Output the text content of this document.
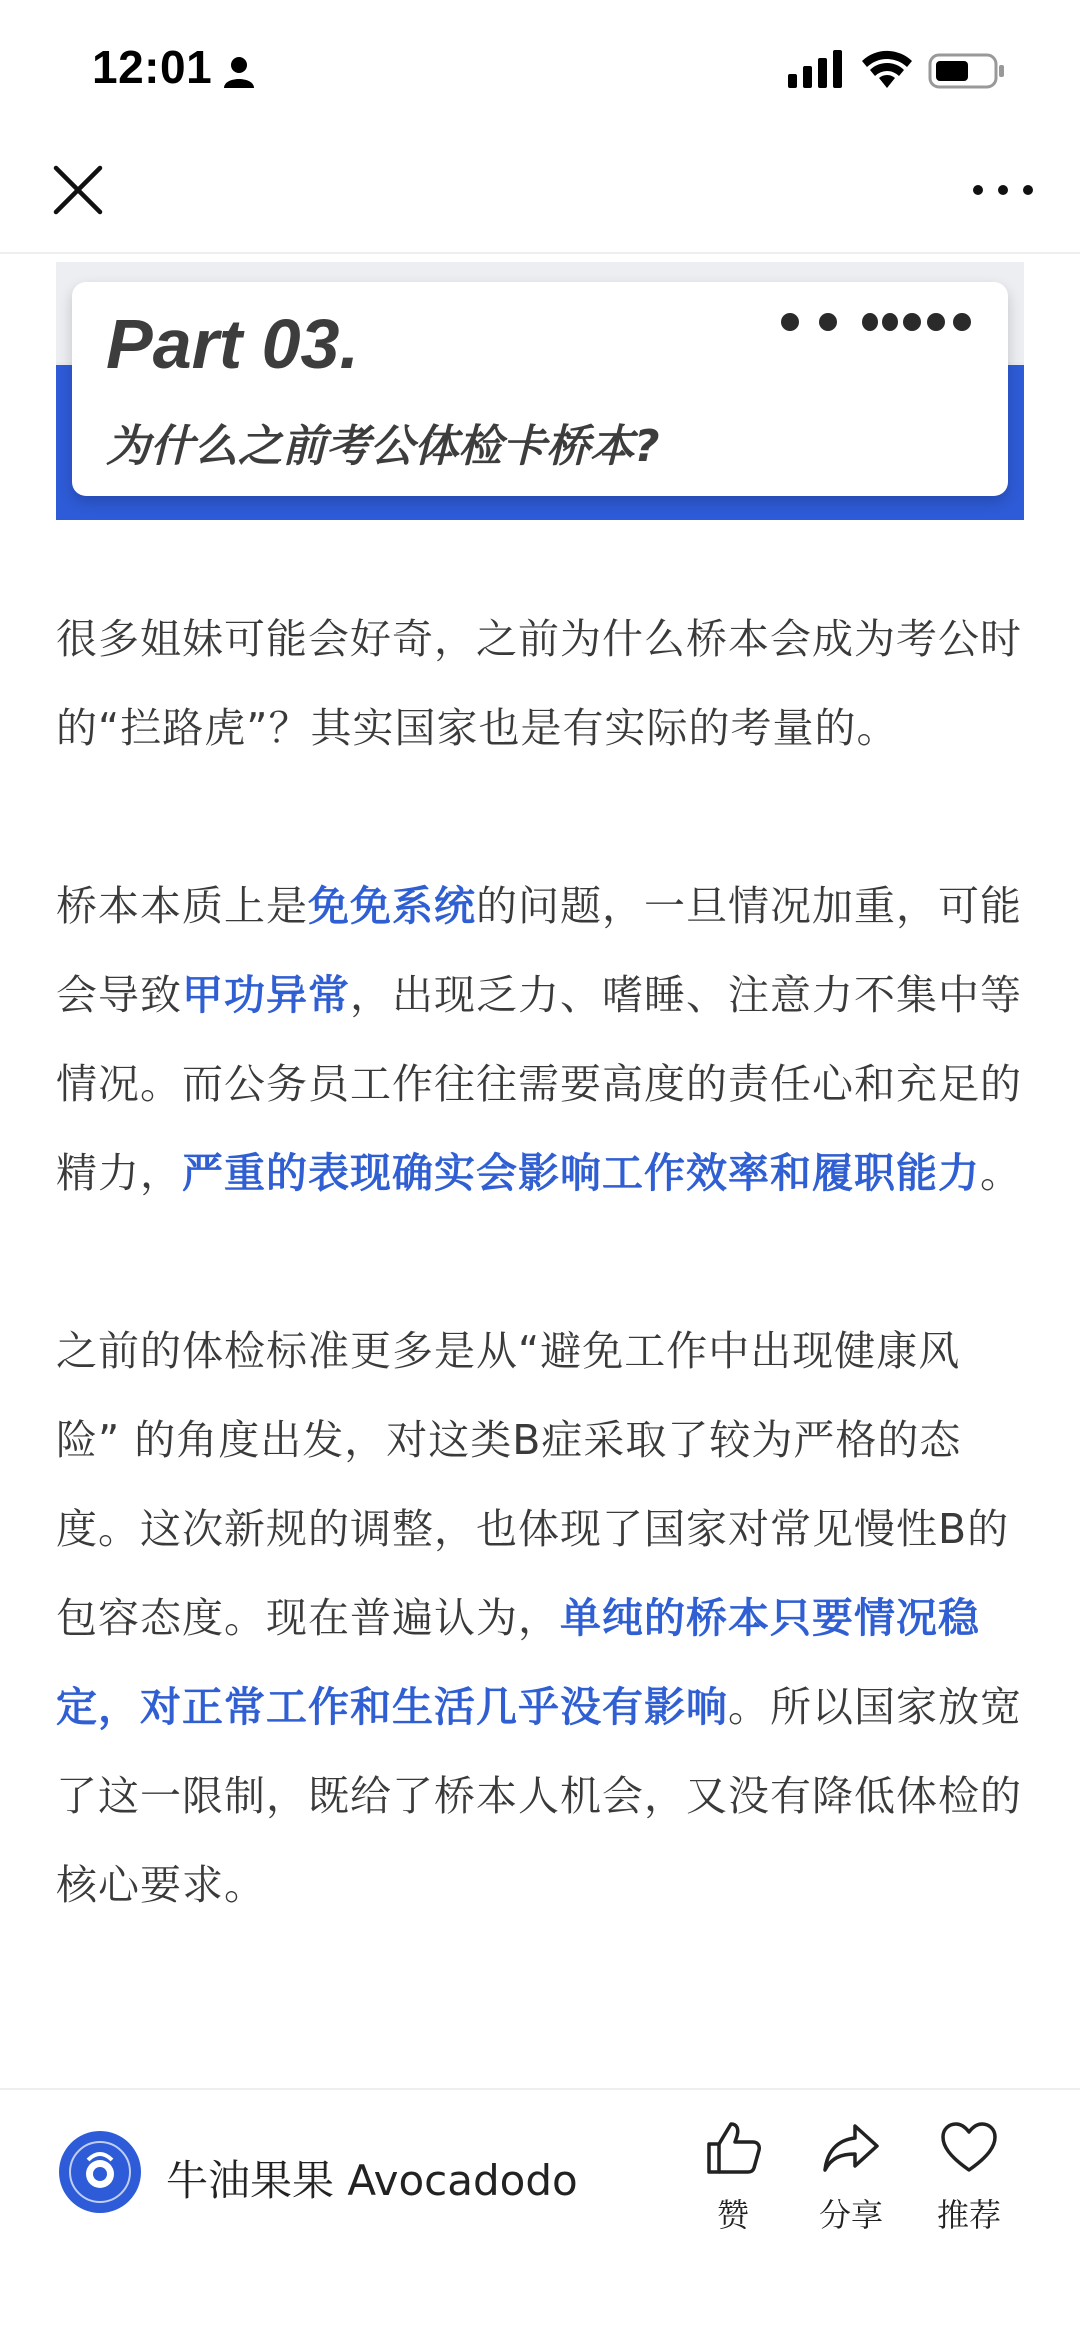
12:01
Part 03.
为什么之前考公体检卡桥本?

很多姐妹可能会好奇，之前为什么桥本会成为考公时的“拦路虎”？其实国家也是有实际的考量的。

桥本本质上是免免系统的问题，一旦情况加重，可能会导致甲功异常，出现乏力、嗜睡、注意力不集中等情况。而公务员工作往往需要高度的责任心和充足的精力，严重的表现确实会影响工作效率和履职能力。

之前的体检标准更多是从“避免工作中出现健康风险” 的角度出发，对这类B症采取了较为严格的态度。这次新规的调整，也体现了国家对常见慢性B的包容态度。现在普遍认为，单纯的桥本只要情况稳定，对正常工作和生活几乎没有影响。所以国家放宽了这一限制，既给了桥本人机会，又没有降低体检的核心要求。

牛油果果 Avocadodo
赞	分享	推荐
